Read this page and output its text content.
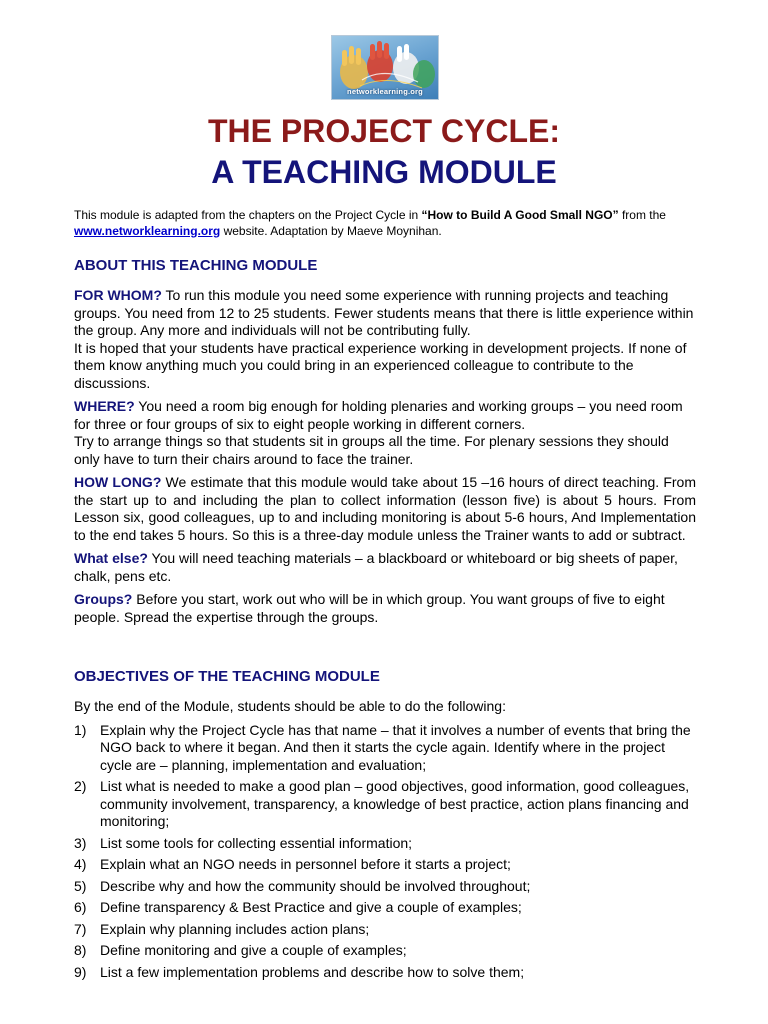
networklearning.org
THE PROJECT CYCLE:
A TEACHING MODULE

This module is adapted from the chapters on the Project Cycle in “How to Build A Good Small NGO” from the www.networklearning.org website. Adaptation by Maeve Moynihan.

ABOUT THIS TEACHING MODULE

FOR WHOM? To run this module you need some experience with running projects and teaching groups. You need from 12 to 25 students. Fewer students means that there is little experience within the group. Any more and individuals will not be contributing fully.
It is hoped that your students have practical experience working in development projects. If none of them know anything much you could bring in an experienced colleague to contribute to the discussions.

WHERE? You need a room big enough for holding plenaries and working groups – you need room for three or four groups of six to eight people working in different corners.
Try to arrange things so that students sit in groups all the time. For plenary sessions they should only have to turn their chairs around to face the trainer.

HOW LONG? We estimate that this module would take about 15 –16 hours of direct teaching. From the start up to and including the plan to collect information (lesson five) is about 5 hours. From Lesson six, good colleagues, up to and including monitoring is about 5-6 hours, And Implementation to the end takes 5 hours. So this is a three-day module unless the Trainer wants to add or subtract.

What else? You will need teaching materials – a blackboard or whiteboard or big sheets of paper, chalk, pens etc.

Groups? Before you start, work out who will be in which group. You want groups of five to eight people. Spread the expertise through the groups.

OBJECTIVES OF THE TEACHING MODULE

By the end of the Module, students should be able to do the following:

1) Explain why the Project Cycle has that name – that it involves a number of events that bring the NGO back to where it began. And then it starts the cycle again. Identify where in the project cycle are – planning, implementation and evaluation;
2) List what is needed to make a good plan – good objectives, good information, good colleagues, community involvement, transparency, a knowledge of best practice, action plans financing and monitoring;
3) List some tools for collecting essential information;
4) Explain what an NGO needs in personnel before it starts a project;
5) Describe why and how the community should be involved throughout;
6) Define transparency & Best Practice and give a couple of examples;
7) Explain why planning includes action plans;
8) Define monitoring and give a couple of examples;
9) List a few implementation problems and describe how to solve them;
